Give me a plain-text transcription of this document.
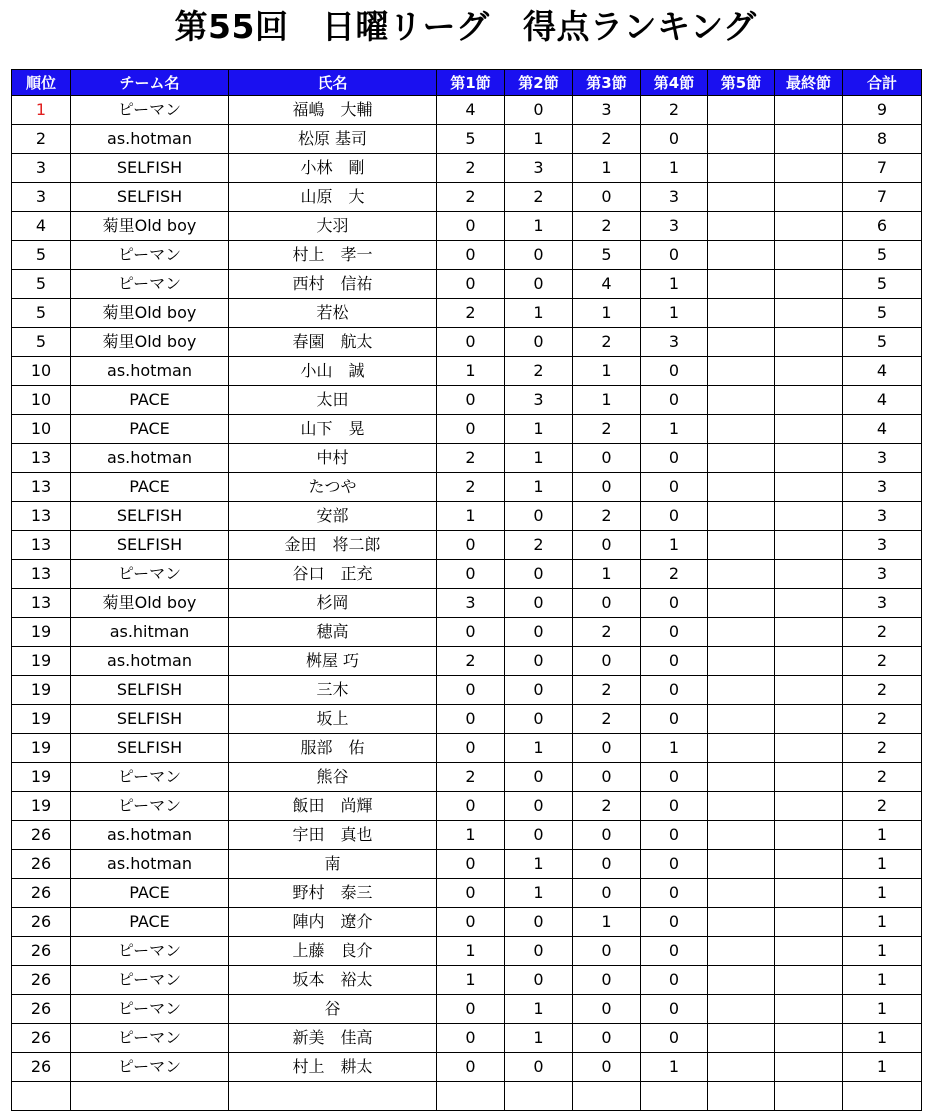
第55回　日曜リーグ　得点ランキング
順位	チーム名	氏名	第1節	第2節	第3節	第4節	第5節	最終節	合計
1	ピーマン	福嶋　大輔	4	0	3	2			9
2	as.hotman	松原 基司	5	1	2	0			8
3	SELFISH	小林　剛	2	3	1	1			7
3	SELFISH	山原　大	2	2	0	3			7
4	菊里Old boy	大羽	0	1	2	3			6
5	ピーマン	村上　孝一	0	0	5	0			5
5	ピーマン	西村　信祐	0	0	4	1			5
5	菊里Old boy	若松	2	1	1	1			5
5	菊里Old boy	春園　航太	0	0	2	3			5
10	as.hotman	小山　誠	1	2	1	0			4
10	PACE	太田	0	3	1	0			4
10	PACE	山下　晃	0	1	2	1			4
13	as.hotman	中村	2	1	0	0			3
13	PACE	たつや	2	1	0	0			3
13	SELFISH	安部	1	0	2	0			3
13	SELFISH	金田　将二郎	0	2	0	1			3
13	ピーマン	谷口　正充	0	0	1	2			3
13	菊里Old boy	杉岡	3	0	0	0			3
19	as.hitman	穂高	0	0	2	0			2
19	as.hotman	桝屋 巧	2	0	0	0			2
19	SELFISH	三木	0	0	2	0			2
19	SELFISH	坂上	0	0	2	0			2
19	SELFISH	服部　佑	0	1	0	1			2
19	ピーマン	熊谷	2	0	0	0			2
19	ピーマン	飯田　尚輝	0	0	2	0			2
26	as.hotman	宇田　真也	1	0	0	0			1
26	as.hotman	南	0	1	0	0			1
26	PACE	野村　泰三	0	1	0	0			1
26	PACE	陣内　遼介	0	0	1	0			1
26	ピーマン	上藤　良介	1	0	0	0			1
26	ピーマン	坂本　裕太	1	0	0	0			1
26	ピーマン	谷	0	1	0	0			1
26	ピーマン	新美　佳高	0	1	0	0			1
26	ピーマン	村上　耕太	0	0	0	1			1
